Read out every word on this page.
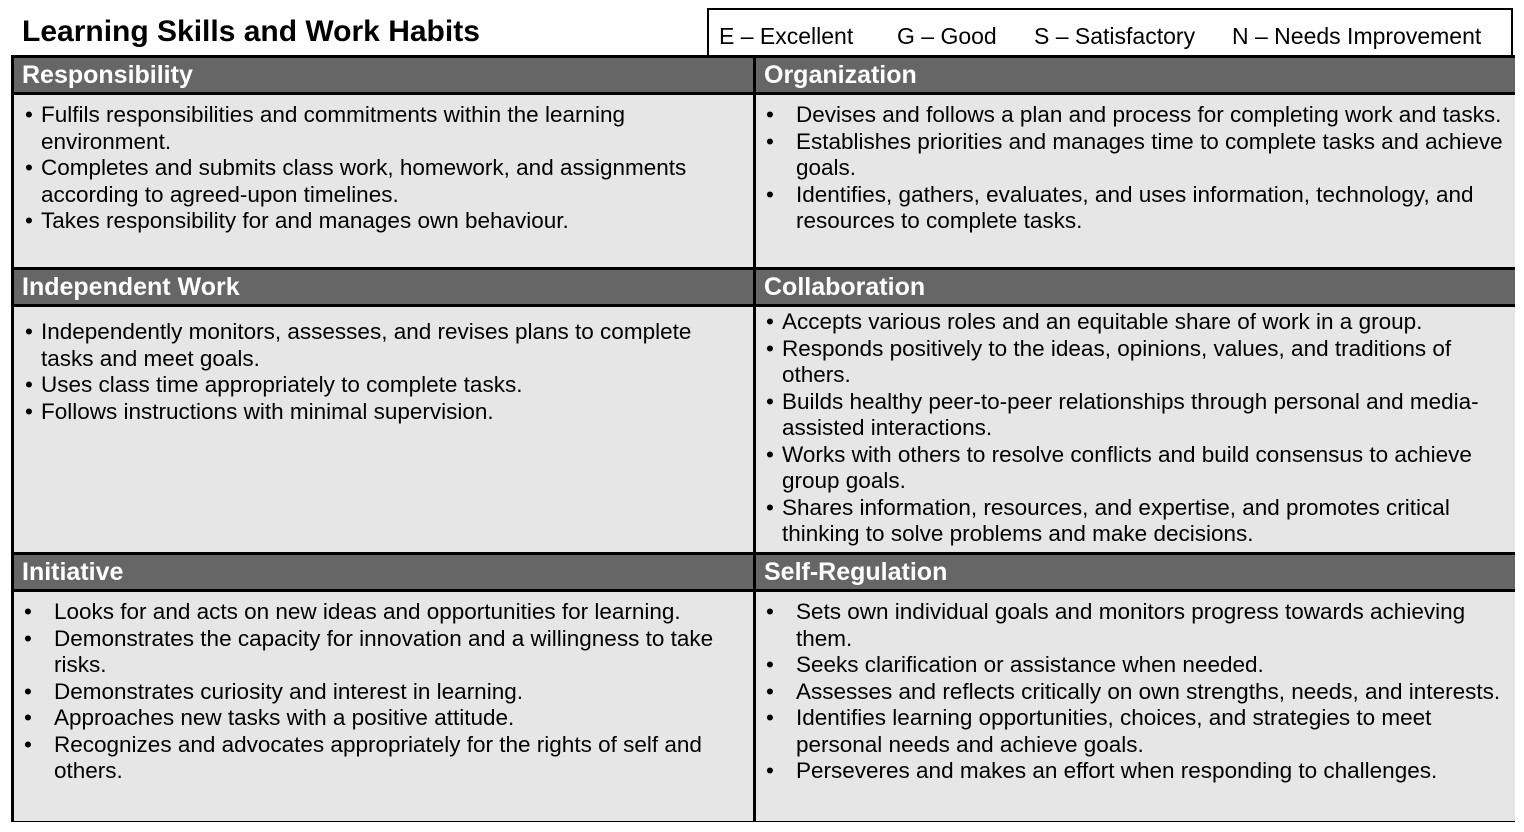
Learning Skills and Work Habits	E – Excellent G – Good S – Satisfactory N – Needs Improvement
Responsibility
• Fulfils responsibilities and commitments within the learning environment.
• Completes and submits class work, homework, and assignments according to agreed-upon timelines.
• Takes responsibility for and manages own behaviour.
Organization
• Devises and follows a plan and process for completing work and tasks.
• Establishes priorities and manages time to complete tasks and achieve goals.
• Identifies, gathers, evaluates, and uses information, technology, and resources to complete tasks.
Independent Work
• Independently monitors, assesses, and revises plans to complete tasks and meet goals.
• Uses class time appropriately to complete tasks.
• Follows instructions with minimal supervision.
Collaboration
• Accepts various roles and an equitable share of work in a group.
• Responds positively to the ideas, opinions, values, and traditions of others.
• Builds healthy peer-to-peer relationships through personal and media-assisted interactions.
• Works with others to resolve conflicts and build consensus to achieve group goals.
• Shares information, resources, and expertise, and promotes critical thinking to solve problems and make decisions.
Initiative
• Looks for and acts on new ideas and opportunities for learning.
• Demonstrates the capacity for innovation and a willingness to take risks.
• Demonstrates curiosity and interest in learning.
• Approaches new tasks with a positive attitude.
• Recognizes and advocates appropriately for the rights of self and others.
Self-Regulation
• Sets own individual goals and monitors progress towards achieving them.
• Seeks clarification or assistance when needed.
• Assesses and reflects critically on own strengths, needs, and interests.
• Identifies learning opportunities, choices, and strategies to meet personal needs and achieve goals.
• Perseveres and makes an effort when responding to challenges.
